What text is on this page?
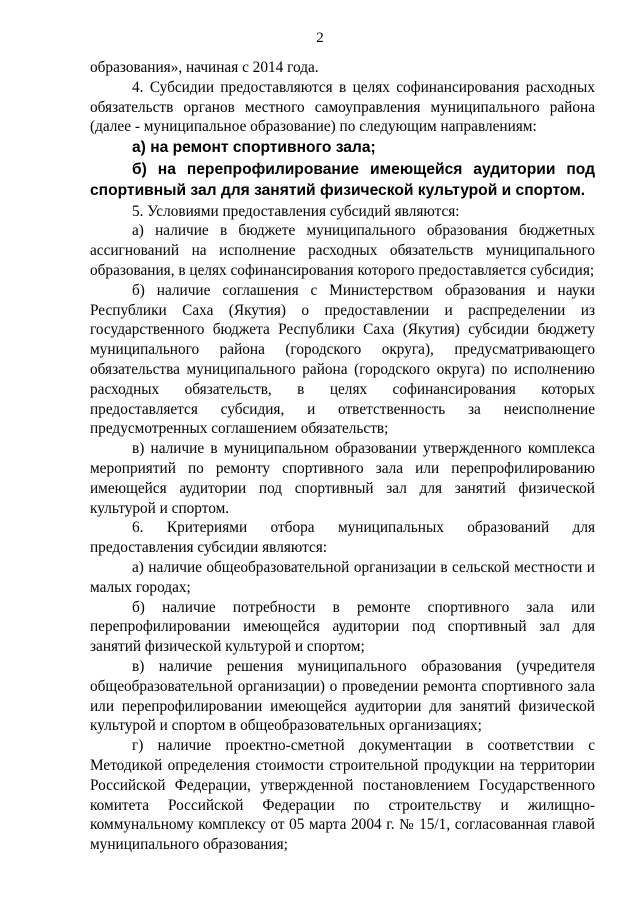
2

образования», начиная с 2014 года.

4. Субсидии предоставляются в целях софинансирования расходных обязательств органов местного самоуправления муниципального района (далее - муниципальное образование) по следующим направлениям:

а) на ремонт спортивного зала;

б) на перепрофилирование имеющейся аудитории под спортивный зал для занятий физической культурой и спортом.

5. Условиями предоставления субсидий являются:

а) наличие в бюджете муниципального образования бюджетных ассигнований на исполнение расходных обязательств муниципального образования, в целях софинансирования которого предоставляется субсидия;

б) наличие соглашения с Министерством образования и науки Республики Саха (Якутия) о предоставлении и распределении из государственного бюджета Республики Саха (Якутия) субсидии бюджету муниципального района (городского округа), предусматривающего обязательства муниципального района (городского округа) по исполнению расходных обязательств, в целях софинансирования которых предоставляется субсидия, и ответственность за неисполнение предусмотренных соглашением обязательств;

в) наличие в муниципальном образовании утвержденного комплекса мероприятий по ремонту спортивного зала или перепрофилированию имеющейся аудитории под спортивный зал для занятий физической культурой и спортом.

6. Критериями отбора муниципальных образований для предоставления субсидии являются:

а) наличие общеобразовательной организации в сельской местности и малых городах;

б) наличие потребности в ремонте спортивного зала или перепрофилировании имеющейся аудитории под спортивный зал для занятий физической культурой и спортом;

в) наличие решения муниципального образования (учредителя общеобразовательной организации) о проведении ремонта спортивного зала или перепрофилировании имеющейся аудитории для занятий физической культурой и спортом в общеобразовательных организациях;

г) наличие проектно-сметной документации в соответствии с Методикой определения стоимости строительной продукции на территории Российской Федерации, утвержденной постановлением Государственного комитета Российской Федерации по строительству и жилищно-коммунальному комплексу от 05 марта 2004 г. № 15/1, согласованная главой муниципального образования;
